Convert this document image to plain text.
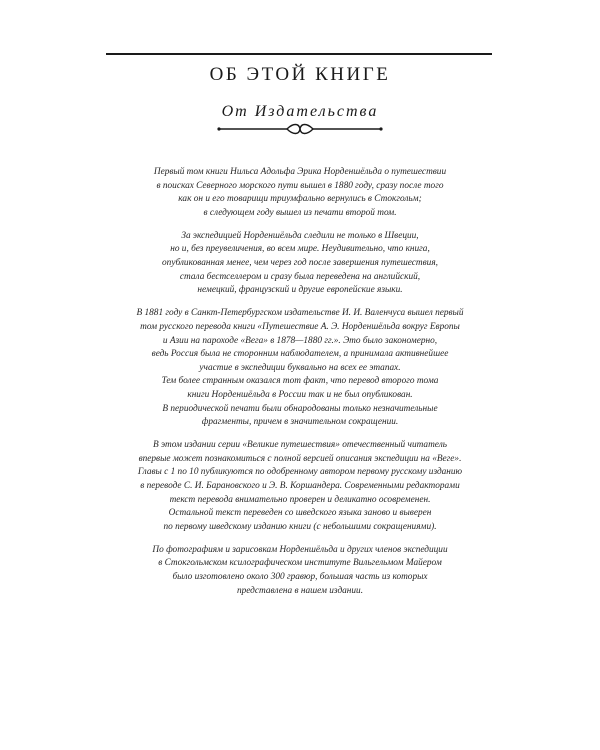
ОБ ЭТОЙ КНИГЕ
От Издательства

Первый том книги Нильса Адольфа Эрика Норденшёльда о путешествии
в поисках Северного морского пути вышел в 1880 году, сразу после того
как он и его товарищи триумфально вернулись в Стокгольм;
в следующем году вышел из печати второй том.

За экспедицией Норденшёльда следили не только в Швеции,
но и, без преувеличения, во всем мире. Неудивительно, что книга,
опубликованная менее, чем через год после завершения путешествия,
стала бестселлером и сразу была переведена на английский,
немецкий, французский и другие европейские языки.

В 1881 году в Санкт-Петербургском издательстве И. И. Валенчуса вышел первый
том русского перевода книги «Путешествие А. Э. Норденшёльда вокруг Европы
и Азии на пароходе «Вега» в 1878—1880 гг.». Это было закономерно,
ведь Россия была не сторонним наблюдателем, а принимала активнейшее
участие в экспедиции буквально на всех ее этапах.

Тем более странным оказался тот факт, что перевод второго тома
книги Норденшёльда в России так и не был опубликован.
В периодической печати были обнародованы только незначительные
фрагменты, причем в значительном сокращении.

В этом издании серии «Великие путешествия» отечественный читатель
впервые может познакомиться с полной версией описания экспедиции на «Веге».
Главы с 1 по 10 публикуются по одобренному автором первому русскому изданию
в переводе С. И. Барановского и Э. В. Коршандера. Современными редакторами
текст перевода внимательно проверен и деликатно осовременен.
Остальной текст переведен со шведского языка заново и выверен
по первому шведскому изданию книги (с небольшими сокращениями).

По фотографиям и зарисовкам Норденшёльда и других членов экспедиции
в Стокгольмском ксилографическом институте Вильгельмом Майером
было изготовлено около 300 гравюр, большая часть из которых
представлена в нашем издании.
